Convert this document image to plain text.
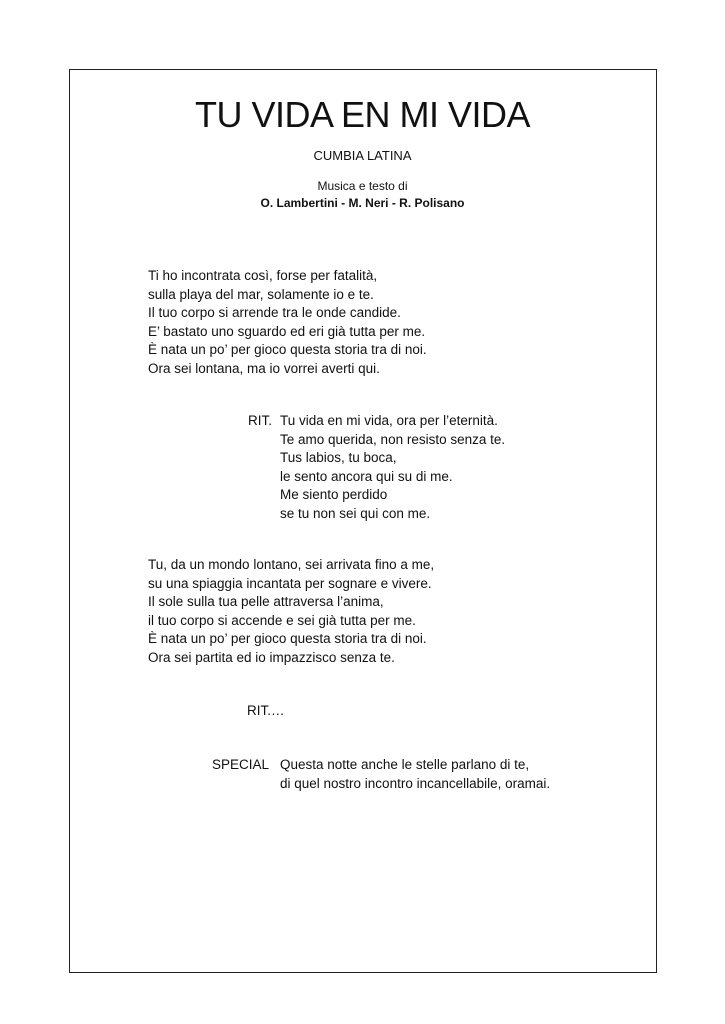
TU VIDA EN MI VIDA
CUMBIA LATINA
Musica e testo di
O. Lambertini - M. Neri - R. Polisano
Ti ho incontrata così, forse per fatalità,
sulla playa del mar, solamente io e te.
Il tuo corpo si arrende tra le onde candide.
E’ bastato uno sguardo ed eri già tutta per me.
È nata un po’ per gioco questa storia tra di noi.
Ora sei lontana, ma io vorrei averti qui.
RIT. Tu vida en mi vida, ora per l’eternità.
Te amo querida, non resisto senza te.
Tus labios, tu boca,
le sento ancora qui su di me.
Me siento perdido
se tu non sei qui con me.
Tu, da un mondo lontano, sei arrivata fino a me,
su una spiaggia incantata per sognare e vivere.
Il sole sulla tua pelle attraversa l’anima,
il tuo corpo si accende e sei già tutta per me.
È nata un po’ per gioco questa storia tra di noi.
Ora sei partita ed io impazzisco senza te.
RIT.…
SPECIAL Questa notte anche le stelle parlano di te,
di quel nostro incontro incancellabile, oramai.
